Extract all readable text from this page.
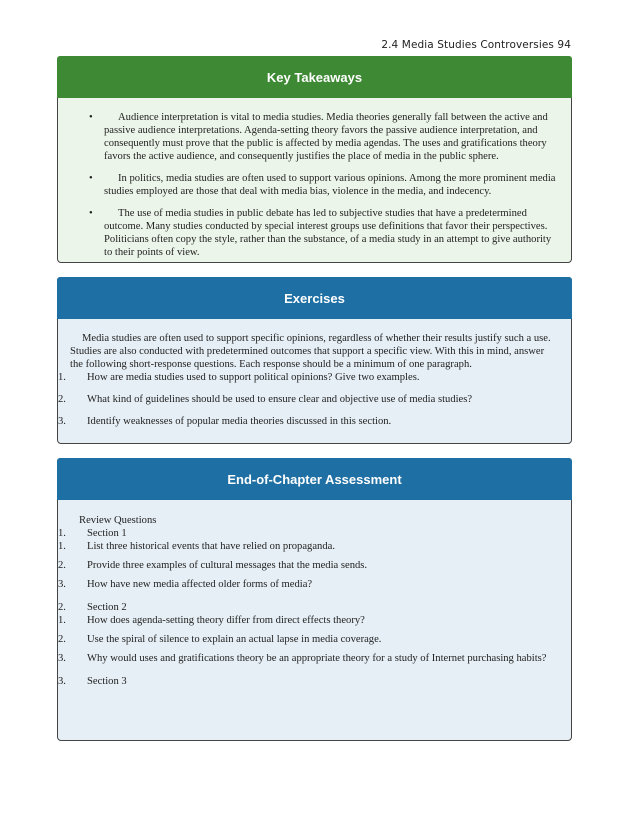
2.4 Media Studies Controversies 94
Key Takeaways
• Audience interpretation is vital to media studies. Media theories generally fall between the active and passive audience interpretations. Agenda-setting theory favors the passive audience interpretation, and consequently must prove that the public is affected by media agendas. The uses and gratifications theory favors the active audience, and consequently justifies the place of media in the public sphere.
• In politics, media studies are often used to support various opinions. Among the more prominent media studies employed are those that deal with media bias, violence in the media, and indecency.
• The use of media studies in public debate has led to subjective studies that have a predetermined outcome. Many studies conducted by special interest groups use definitions that favor their perspectives. Politicians often copy the style, rather than the substance, of a media study in an attempt to give authority to their points of view.
Exercises

Media studies are often used to support specific opinions, regardless of whether their results justify such a use. Studies are also conducted with predetermined outcomes that support a specific view. With this in mind, answer the following short-response questions. Each response should be a minimum of one paragraph.

1.	How are media studies used to support political opinions? Give two examples.
2.	What kind of guidelines should be used to ensure clear and objective use of media studies?
3.	Identify weaknesses of popular media theories discussed in this section.
End-of-Chapter Assessment

Review Questions

1.	Section 1
1.	List three historical events that have relied on propaganda.
2.	Provide three examples of cultural messages that the media sends.
3.	How have new media affected older forms of media?
2.	Section 2
1.	How does agenda-setting theory differ from direct effects theory?
2.	Use the spiral of silence to explain an actual lapse in media coverage.
3. Why would uses and gratifications theory be an appropriate theory for a study of Internet purchasing habits?
3.	Section 3
